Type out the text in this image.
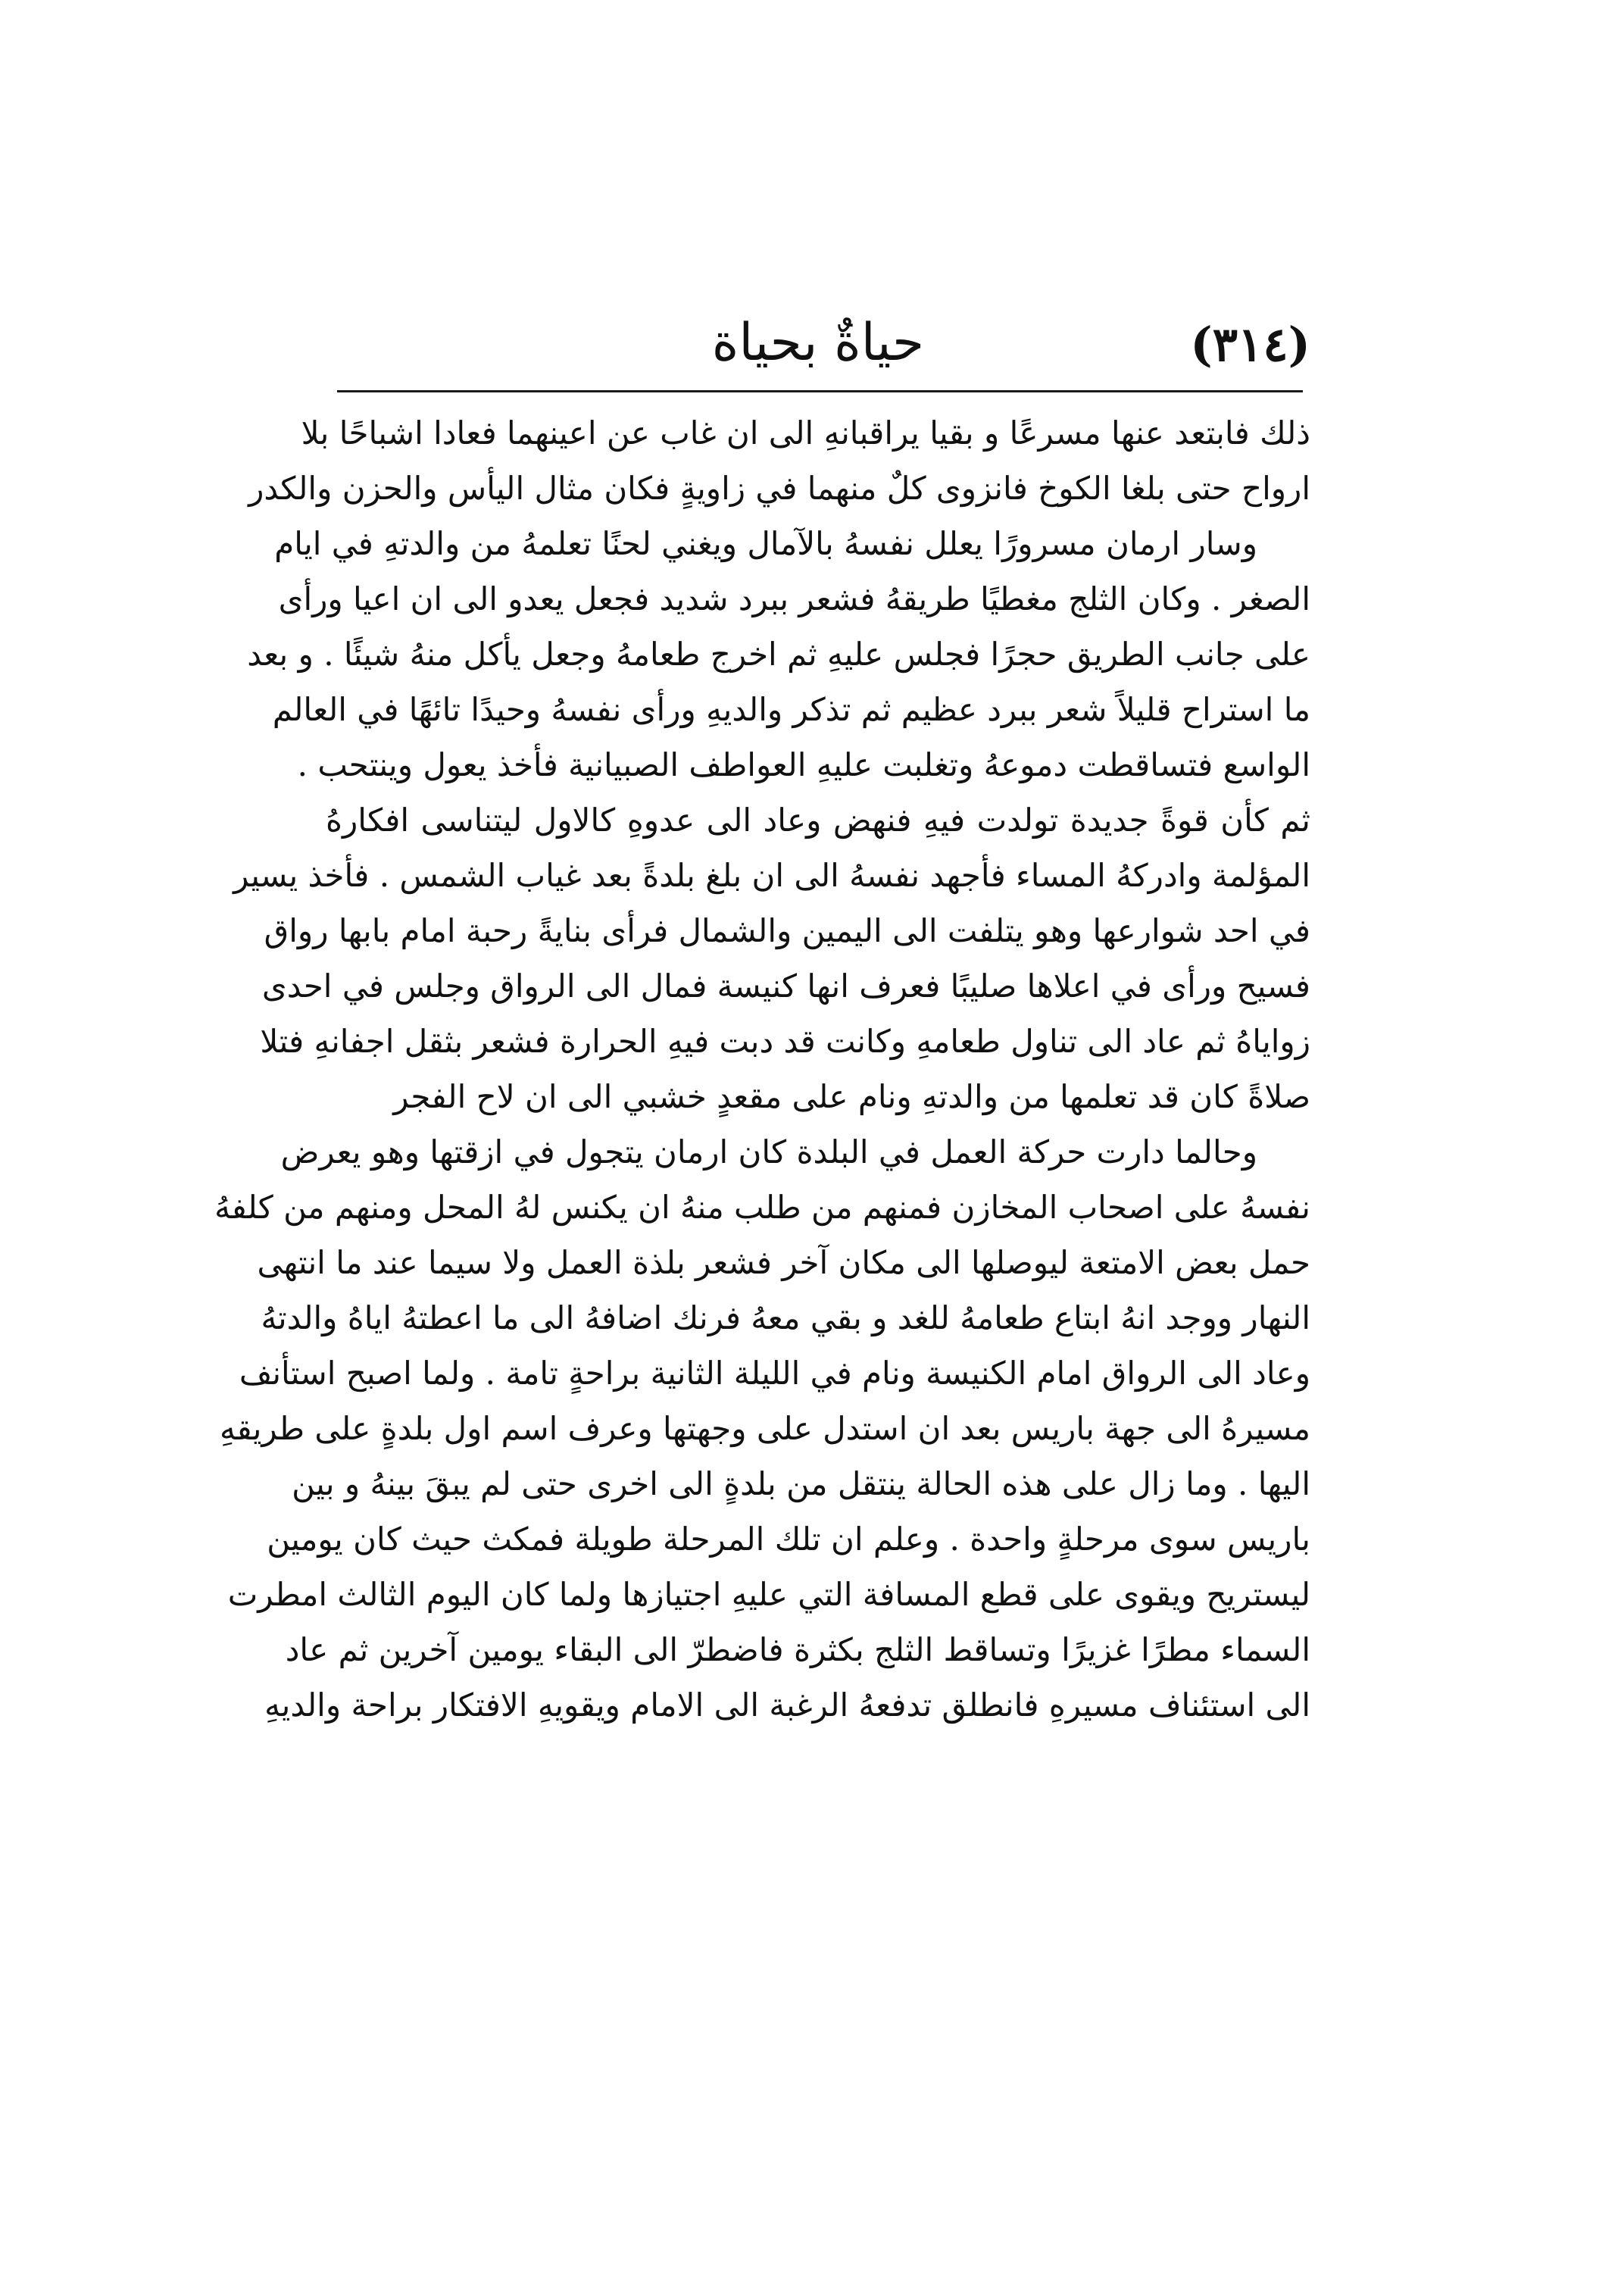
(٣١٤)
حياةٌ بحياة
ذلك فابتعد عنها مسرعًا و بقيا يراقبانهِ الى ان غاب عن اعينهما فعادا اشباحًا بلا
ارواح حتى بلغا الكوخ فانزوى كلٌ منهما في زاويةٍ فكان مثال اليأس والحزن والكدر
وسار ارمان مسرورًا يعلل نفسهُ بالآمال ويغني لحنًا تعلمهُ من والدتهِ في ايام
الصغر . وكان الثلج مغطيًا طريقهُ فشعر ببرد شديد فجعل يعدو الى ان اعيا ورأى
على جانب الطريق حجرًا فجلس عليهِ ثم اخرج طعامهُ وجعل يأكل منهُ شيئًا . و بعد
ما استراح قليلاً شعر ببرد عظيم ثم تذكر والديهِ ورأى نفسهُ وحيدًا تائهًا في العالم
الواسع فتساقطت دموعهُ وتغلبت عليهِ العواطف الصبيانية فأخذ يعول وينتحب .
ثم كأن قوةً جديدة تولدت فيهِ فنهض وعاد الى عدوهِ كالاول ليتناسى افكارهُ
المؤلمة وادركهُ المساء فأجهد نفسهُ الى ان بلغ بلدةً بعد غياب الشمس . فأخذ يسير
في احد شوارعها وهو يتلفت الى اليمين والشمال فرأى بنايةً رحبة امام بابها رواق
فسيح ورأى في اعلاها صليبًا فعرف انها كنيسة فمال الى الرواق وجلس في احدى
زواياهُ ثم عاد الى تناول طعامهِ وكانت قد دبت فيهِ الحرارة فشعر بثقل اجفانهِ فتلا
صلاةً كان قد تعلمها من والدتهِ ونام على مقعدٍ خشبي الى ان لاح الفجر
وحالما دارت حركة العمل في البلدة كان ارمان يتجول في ازقتها وهو يعرض
نفسهُ على اصحاب المخازن فمنهم من طلب منهُ ان يكنس لهُ المحل ومنهم من كلفهُ
حمل بعض الامتعة ليوصلها الى مكان آخر فشعر بلذة العمل ولا سيما عند ما انتهى
النهار ووجد انهُ ابتاع طعامهُ للغد و بقي معهُ فرنك اضافهُ الى ما اعطتهُ اياهُ والدتهُ
وعاد الى الرواق امام الكنيسة ونام في الليلة الثانية براحةٍ تامة . ولما اصبح استأنف
مسيرهُ الى جهة باريس بعد ان استدل على وجهتها وعرف اسم اول بلدةٍ على طريقهِ
اليها . وما زال على هذه الحالة ينتقل من بلدةٍ الى اخرى حتى لم يبقَ بينهُ و بين
باريس سوى مرحلةٍ واحدة . وعلم ان تلك المرحلة طويلة فمكث حيث كان يومين
ليستريح ويقوى على قطع المسافة التي عليهِ اجتيازها ولما كان اليوم الثالث امطرت
السماء مطرًا غزيرًا وتساقط الثلج بكثرة فاضطرّ الى البقاء يومين آخرين ثم عاد
الى استئناف مسيرهِ فانطلق تدفعهُ الرغبة الى الامام ويقويهِ الافتكار براحة والديهِ
